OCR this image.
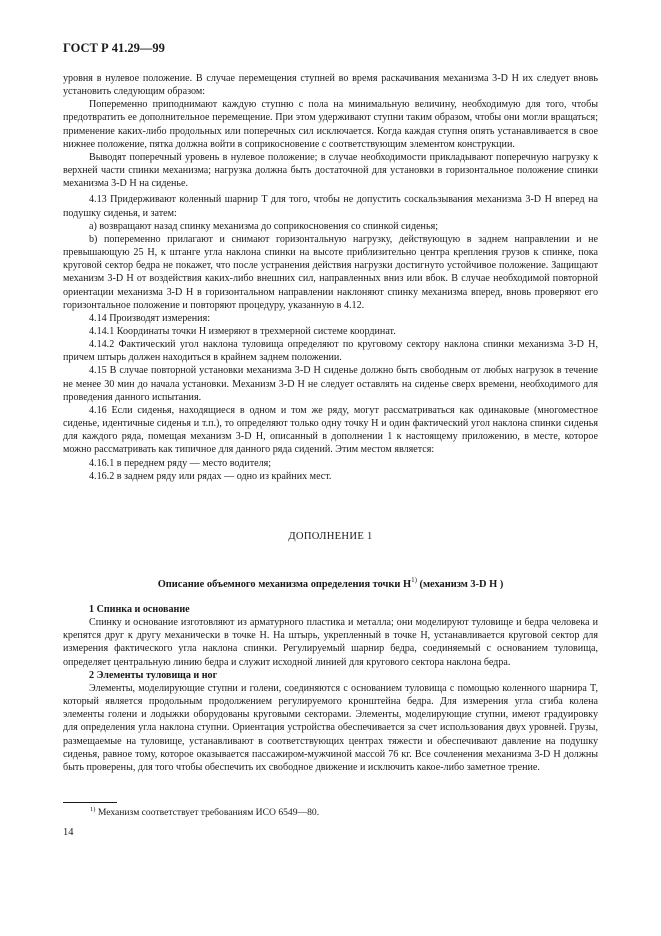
ГОСТ Р 41.29—99

уровня в нулевое положение. В случае перемещения ступней во время раскачивания механизма 3-D H их следует вновь установить следующим образом:

Попеременно приподнимают каждую ступню с пола на минимальную величину, необходимую для того, чтобы предотвратить ее дополнительное перемещение. При этом удерживают ступни таким образом, чтобы они могли вращаться; применение каких-либо продольных или поперечных сил исключается. Когда каждая ступня опять устанавливается в свое нижнее положение, пятка должна войти в соприкосновение с соответствующим элементом конструкции.

Выводят поперечный уровень в нулевое положение; в случае необходимости прикладывают поперечную нагрузку к верхней части спинки механизма; нагрузка должна быть достаточной для установки в горизонтальное положение спинки механизма 3-D H на сиденье.

4.13 Придерживают коленный шарнир T для того, чтобы не допустить соскальзывания механизма 3-D H вперед на подушку сиденья, и затем:

а) возвращают назад спинку механизма до соприкосновения со спинкой сиденья;

b) попеременно прилагают и снимают горизонтальную нагрузку, действующую в заднем направлении и не превышающую 25 Н, к штанге угла наклона спинки на высоте приблизительно центра крепления грузов к спинке, пока круговой сектор бедра не покажет, что после устранения действия нагрузки достигнуто устойчивое положение. Защищают механизм 3-D H от воздействия каких-либо внешних сил, направленных вниз или вбок. В случае необходимой повторной ориентации механизма 3-D H в горизонтальном направлении наклоняют спинку механизма вперед, вновь проверяют его горизонтальное положение и повторяют процедуру, указанную в 4.12.

4.14 Производят измерения:

4.14.1 Координаты точки H измеряют в трехмерной системе координат.

4.14.2 Фактический угол наклона туловища определяют по круговому сектору наклона спинки механизма 3-D H, причем штырь должен находиться в крайнем заднем положении.

4.15 В случае повторной установки механизма 3-D H сиденье должно быть свободным от любых нагрузок в течение не менее 30 мин до начала установки. Механизм 3-D H не следует оставлять на сиденье сверх времени, необходимого для проведения данного испытания.

4.16 Если сиденья, находящиеся в одном и том же ряду, могут рассматриваться как одинаковые (многоместное сиденье, идентичные сиденья и т.п.), то определяют только одну точку H и один фактический угол наклона спинки сиденья для каждого ряда, помещая механизм 3-D H, описанный в дополнении 1 к настоящему приложению, в месте, которое можно рассматривать как типичное для данного ряда сидений. Этим местом является:

4.16.1 в переднем ряду — место водителя;

4.16.2 в заднем ряду или рядах — одно из крайних мест.

ДОПОЛНЕНИЕ 1
Описание объемного механизма определения точки $H^{1)}$ (механизм 3-D H )

1 Спинка и основание

Спинку и основание изготовляют из арматурного пластика и металла; они моделируют туловище и бедра человека и крепятся друг к другу механически в точке H. На штырь, укрепленный в точке H, устанавливается круговой сектор для измерения фактического угла наклона спинки. Регулируемый шарнир бедра, соединяемый с основанием туловища, определяет центральную линию бедра и служит исходной линией для кругового сектора наклона бедра.

2 Элементы туловища и ног

Элементы, моделирующие ступни и голени, соединяются с основанием туловища с помощью коленного шарнира T, который является продольным продолжением регулируемого кронштейна бедра. Для измерения угла сгиба колена элементы голени и лодыжки оборудованы круговыми секторами. Элементы, моделирующие ступни, имеют градуировку для определения угла наклона ступни. Ориентация устройства обеспечивается за счет использования двух уровней. Грузы, размещаемые на туловище, устанавливают в соответствующих центрах тяжести и обеспечивают давление на подушку сиденья, равное тому, которое оказывается пассажиром-мужчиной массой 76 кг. Все сочленения механизма 3-D H должны быть проверены, для того чтобы обеспечить их свободное движение и исключить какое-либо заметное трение.

$^{1)}$ Механизм соответствует требованиям ИСО 6549—80.
14
